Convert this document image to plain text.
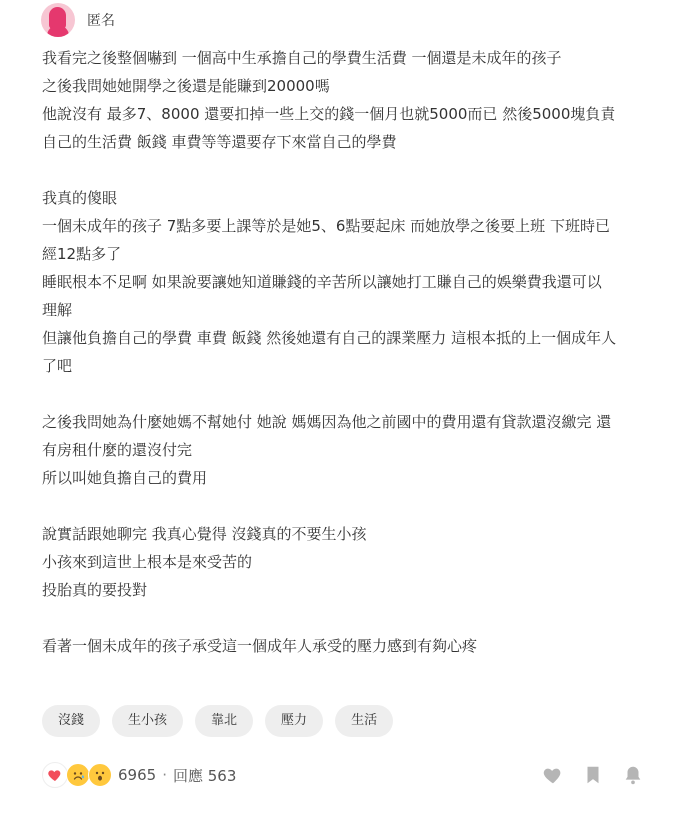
匿名
我看完之後整個嚇到 一個高中生承擔自己的學費生活費 一個還是未成年的孩子
之後我問她她開學之後還是能賺到20000嗎
他說沒有 最多7、8000 還要扣掉一些上交的錢一個月也就5000而已 然後5000塊負責
自己的生活費 飯錢 車費等等還要存下來當自己的學費
我真的傻眼
一個未成年的孩子 7點多要上課等於是她5、6點要起床 而她放學之後要上班 下班時已
經12點多了
睡眠根本不足啊 如果說要讓她知道賺錢的辛苦所以讓她打工賺自己的娛樂費我還可以
理解
但讓他負擔自己的學費 車費 飯錢 然後她還有自己的課業壓力 這根本抵的上一個成年人
了吧
之後我問她為什麼她媽不幫她付 她說 媽媽因為他之前國中的費用還有貸款還沒繳完 還
有房租什麼的還沒付完
所以叫她負擔自己的費用
說實話跟她聊完 我真心覺得 沒錢真的不要生小孩
小孩來到這世上根本是來受苦的
投胎真的要投對
看著一個未成年的孩子承受這一個成年人承受的壓力感到有夠心疼
沒錢	生小孩	靠北	壓力	生活
6965 · 回應 563
